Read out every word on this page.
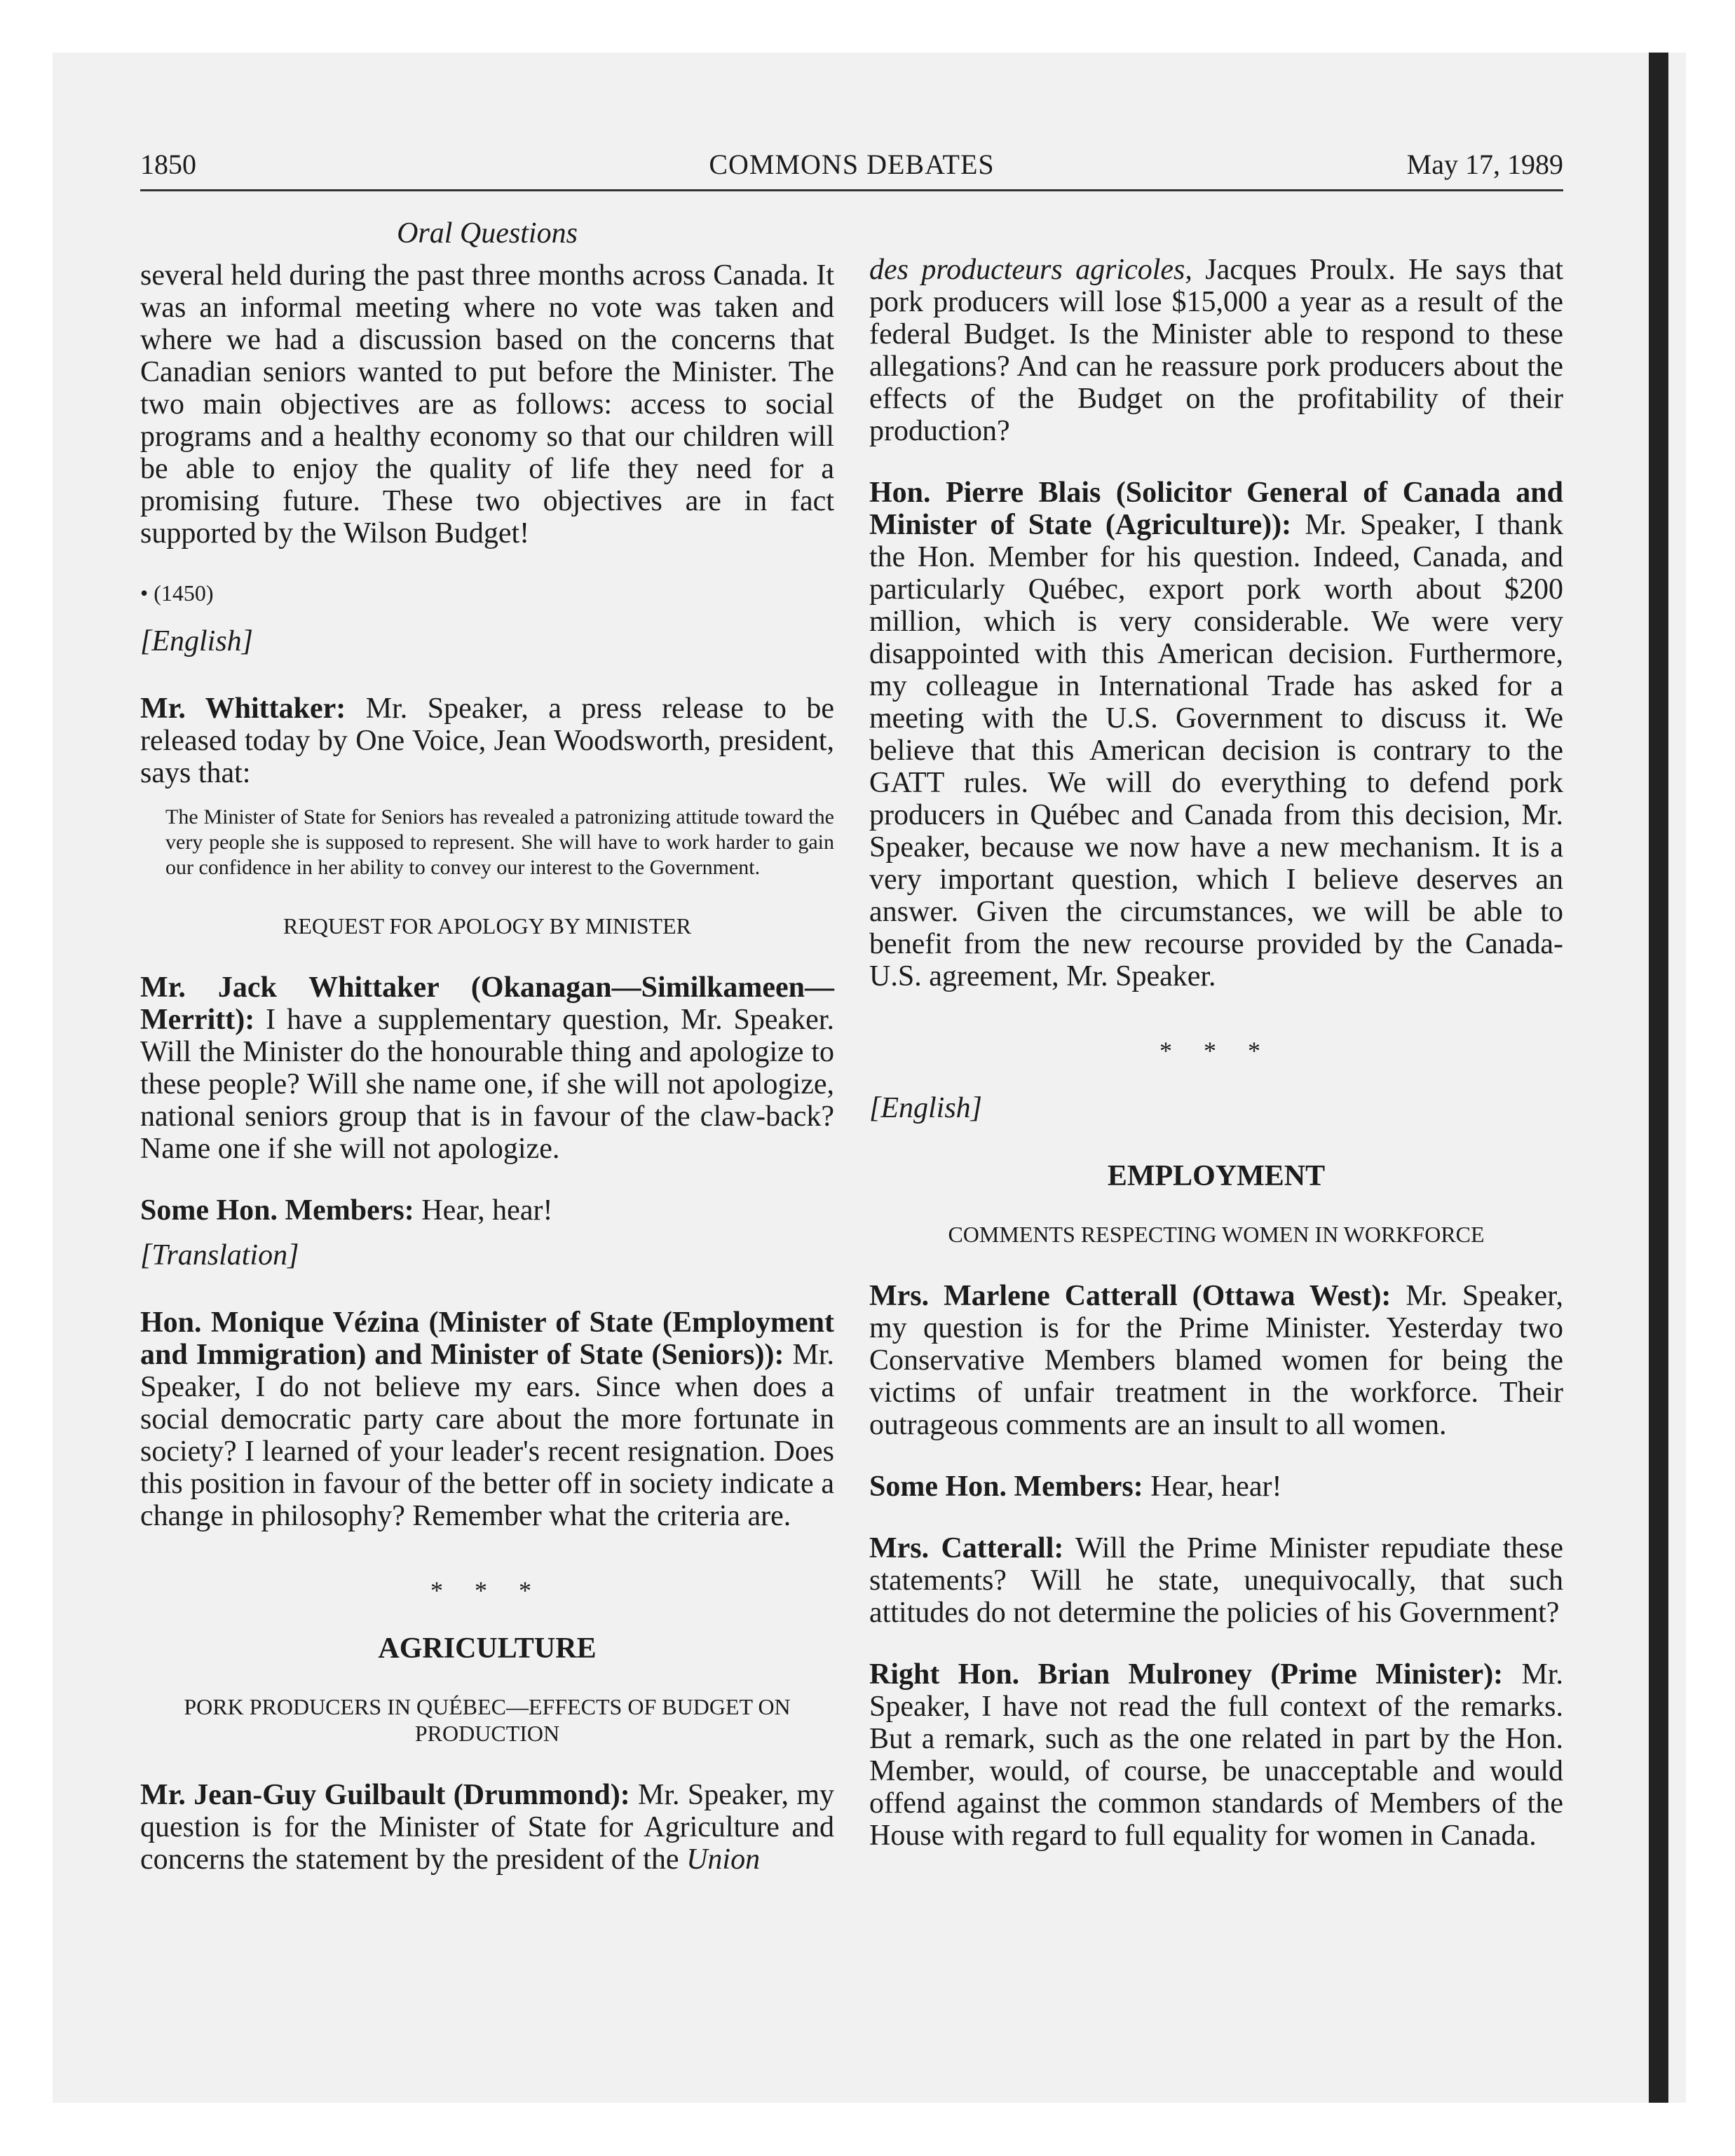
1850	COMMONS DEBATES	May 17, 1989
Oral Questions

several held during the past three months across Canada. It was an informal meeting where no vote was taken and where we had a discussion based on the concerns that Canadian seniors wanted to put before the Minister. The two main objectives are as follows: access to social programs and a healthy economy so that our children will be able to enjoy the quality of life they need for a promising future. These two objectives are in fact supported by the Wilson Budget!

• (1450)
[English]

Mr. Whittaker: Mr. Speaker, a press release to be released today by One Voice, Jean Woodsworth, president, says that:

The Minister of State for Seniors has revealed a patronizing attitude toward the very people she is supposed to represent. She will have to work harder to gain our confidence in her ability to convey our interest to the Government.
REQUEST FOR APOLOGY BY MINISTER

Mr. Jack Whittaker (Okanagan—Similkameen—Merritt): I have a supplementary question, Mr. Speaker. Will the Minister do the honourable thing and apologize to these people? Will she name one, if she will not apologize, national seniors group that is in favour of the claw-back? Name one if she will not apologize.

Some Hon. Members: Hear, hear!

[Translation]

Hon. Monique Vézina (Minister of State (Employment and Immigration) and Minister of State (Seniors)): Mr. Speaker, I do not believe my ears. Since when does a social democratic party care about the more fortunate in society? I learned of your leader's recent resignation. Does this position in favour of the better off in society indicate a change in philosophy? Remember what the criteria are.

* * *
AGRICULTURE
PORK PRODUCERS IN QUÉBEC—EFFECTS OF BUDGET ON PRODUCTION

Mr. Jean-Guy Guilbault (Drummond): Mr. Speaker, my question is for the Minister of State for Agriculture and concerns the statement by the president of the Union

des producteurs agricoles, Jacques Proulx. He says that pork producers will lose $15,000 a year as a result of the federal Budget. Is the Minister able to respond to these allegations? And can he reassure pork producers about the effects of the Budget on the profitability of their production?

Hon. Pierre Blais (Solicitor General of Canada and Minister of State (Agriculture)): Mr. Speaker, I thank the Hon. Member for his question. Indeed, Canada, and particularly Québec, export pork worth about $200 million, which is very considerable. We were very disappointed with this American decision. Furthermore, my colleague in International Trade has asked for a meeting with the U.S. Government to discuss it. We believe that this American decision is contrary to the GATT rules. We will do everything to defend pork producers in Québec and Canada from this decision, Mr. Speaker, because we now have a new mechanism. It is a very important question, which I believe deserves an answer. Given the circumstances, we will be able to benefit from the new recourse provided by the Canada-U.S. agreement, Mr. Speaker.

* * *
[English]
EMPLOYMENT
COMMENTS RESPECTING WOMEN IN WORKFORCE

Mrs. Marlene Catterall (Ottawa West): Mr. Speaker, my question is for the Prime Minister. Yesterday two Conservative Members blamed women for being the victims of unfair treatment in the workforce. Their outrageous comments are an insult to all women.

Some Hon. Members: Hear, hear!

Mrs. Catterall: Will the Prime Minister repudiate these statements? Will he state, unequivocally, that such attitudes do not determine the policies of his Government?

Right Hon. Brian Mulroney (Prime Minister): Mr. Speaker, I have not read the full context of the remarks. But a remark, such as the one related in part by the Hon. Member, would, of course, be unacceptable and would offend against the common standards of Members of the House with regard to full equality for women in Canada.
